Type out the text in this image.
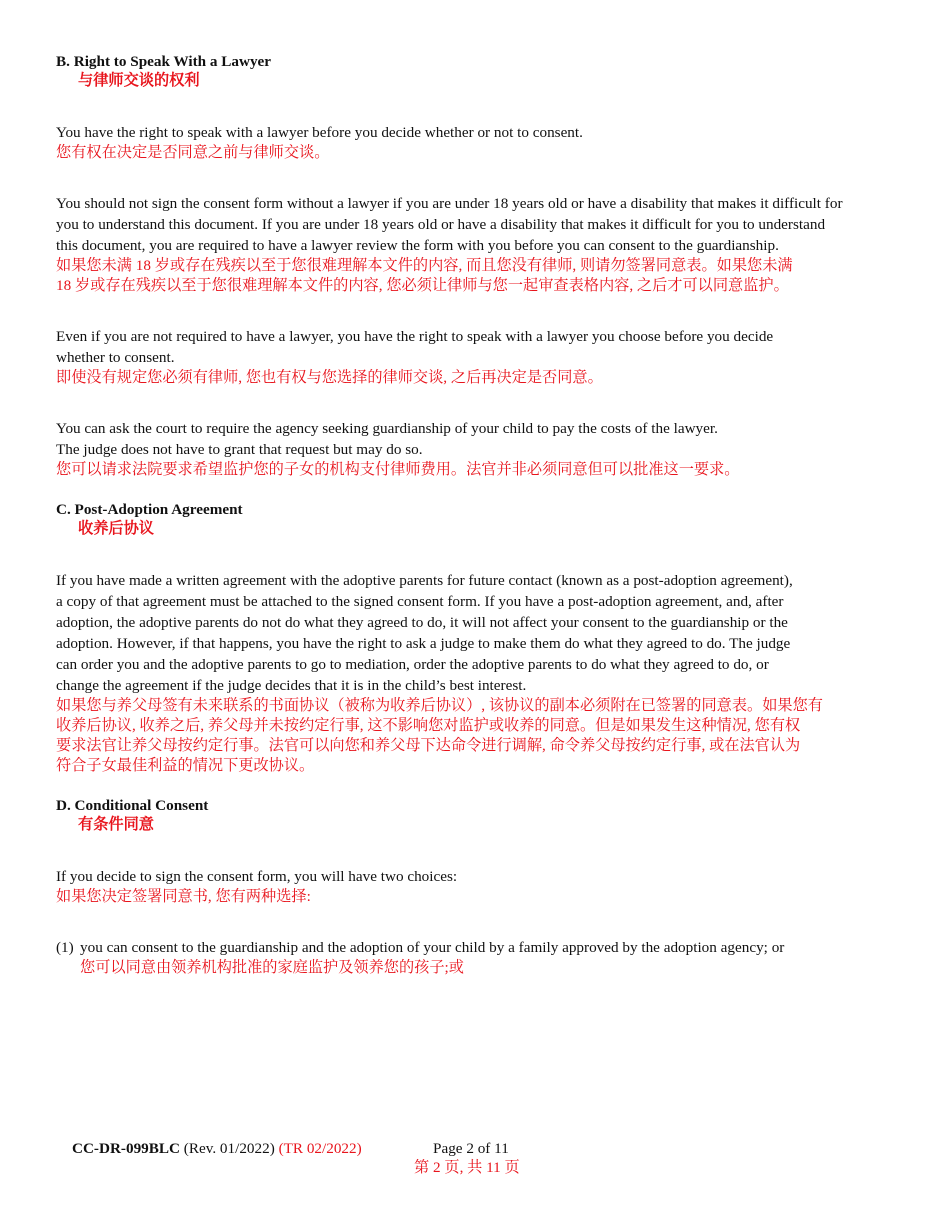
B. Right to Speak With a Lawyer

与律师交谈的权利

You have the right to speak with a lawyer before you decide whether or not to consent.

您有权在决定是否同意之前与律师交谈。

You should not sign the consent form without a lawyer if you are under 18 years old or have a disability that makes it difficult for

you to understand this document. If you are under 18 years old or have a disability that makes it difficult for you to understand

this document, you are required to have a lawyer review the form with you before you can consent to the guardianship.

如果您未满 18 岁或存在残疾以至于您很难理解本文件的内容, 而且您没有律师, 则请勿签署同意表。如果您未满

18 岁或存在残疾以至于您很难理解本文件的内容, 您必须让律师与您一起审查表格内容, 之后才可以同意监护。

Even if you are not required to have a lawyer, you have the right to speak with a lawyer you choose before you decide

whether to consent.

即使没有规定您必须有律师, 您也有权与您选择的律师交谈, 之后再决定是否同意。

You can ask the court to require the agency seeking guardianship of your child to pay the costs of the lawyer.

The judge does not have to grant that request but may do so.

您可以请求法院要求希望监护您的子女的机构支付律师费用。法官并非必须同意但可以批准这一要求。

C. Post-Adoption Agreement

收养后协议

If you have made a written agreement with the adoptive parents for future contact (known as a post-adoption agreement),

a copy of that agreement must be attached to the signed consent form. If you have a post-adoption agreement, and, after

adoption, the adoptive parents do not do what they agreed to do, it will not affect your consent to the guardianship or the

adoption. However, if that happens, you have the right to ask a judge to make them do what they agreed to do. The judge

can order you and the adoptive parents to go to mediation, order the adoptive parents to do what they agreed to do, or

change the agreement if the judge decides that it is in the child’s best interest.

如果您与养父母签有未来联系的书面协议（被称为收养后协议）, 该协议的副本必须附在已签署的同意表。如果您有

收养后协议, 收养之后, 养父母并未按约定行事, 这不影响您对监护或收养的同意。但是如果发生这种情况, 您有权

要求法官让养父母按约定行事。法官可以向您和养父母下达命令进行调解, 命令养父母按约定行事, 或在法官认为

符合子女最佳利益的情况下更改协议。

D. Conditional Consent

有条件同意

If you decide to sign the consent form, you will have two choices:

如果您决定签署同意书, 您有两种选择:

(1) you can consent to the guardianship and the adoption of your child by a family approved by the adoption agency; or

您可以同意由领养机构批准的家庭监护及领养您的孩子;或

CC-DR-099BLC (Rev. 01/2022) (TR 02/2022)	Page 2 of 11
第 2 页, 共 11 页
